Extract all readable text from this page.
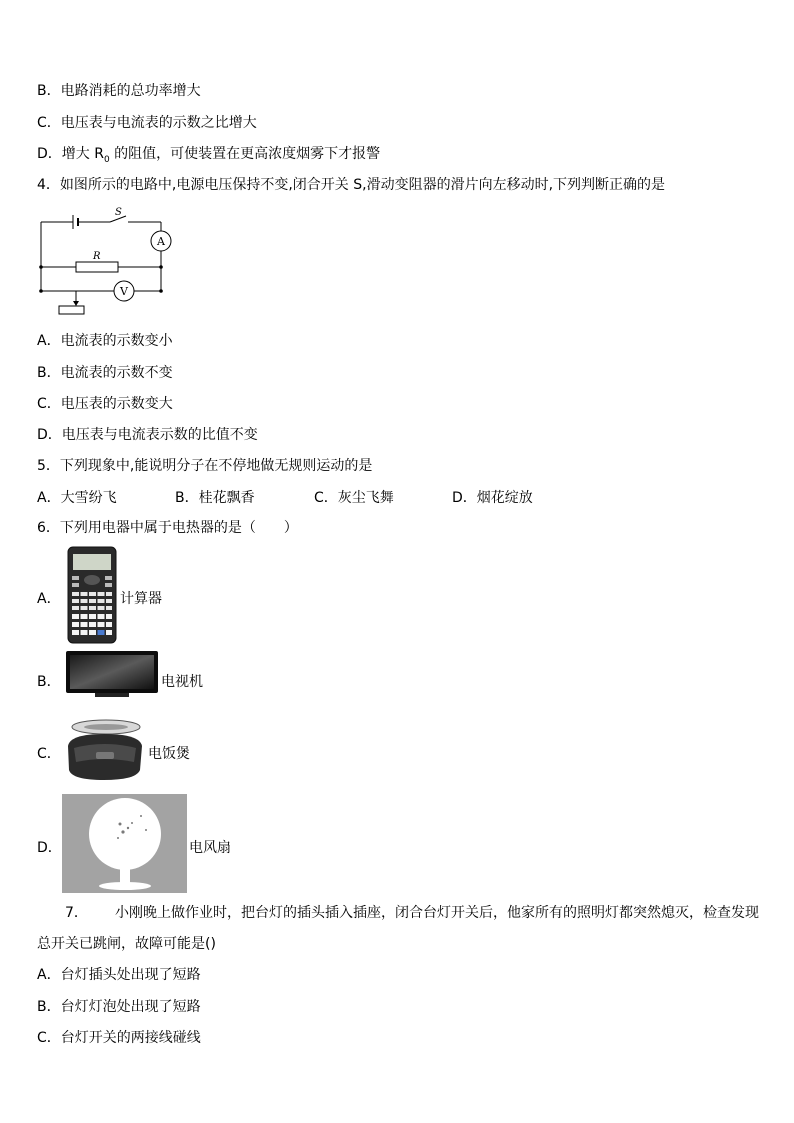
B．电路消耗的总功率增大
C．电压表与电流表的示数之比增大
D．增大 $R_0$ 的阻值，可使装置在更高浓度烟雾下才报警
4．如图所示的电路中,电源电压保持不变,闭合开关 S,滑动变阻器的滑片向左移动时,下列判断正确的是
S
A
R
V
A．电流表的示数变小
B．电流表的示数不变
C．电压表的示数变大
D．电压表与电流表示数的比值不变
5．下列现象中,能说明分子在不停地做无规则运动的是
A．大雪纷飞	B．桂花飘香	C．灰尘飞舞	D．烟花绽放
6．下列用电器中属于电热器的是（　　）
A．	计算器
B．	电视机
C．	电饭煲
D．	电风扇
7． 小刚晚上做作业时，把台灯的插头插入插座，闭合台灯开关后，他家所有的照明灯都突然熄灭，检查发现
总开关已跳闸，故障可能是()
A．台灯插头处出现了短路
B．台灯灯泡处出现了短路
C．台灯开关的两接线碰线
